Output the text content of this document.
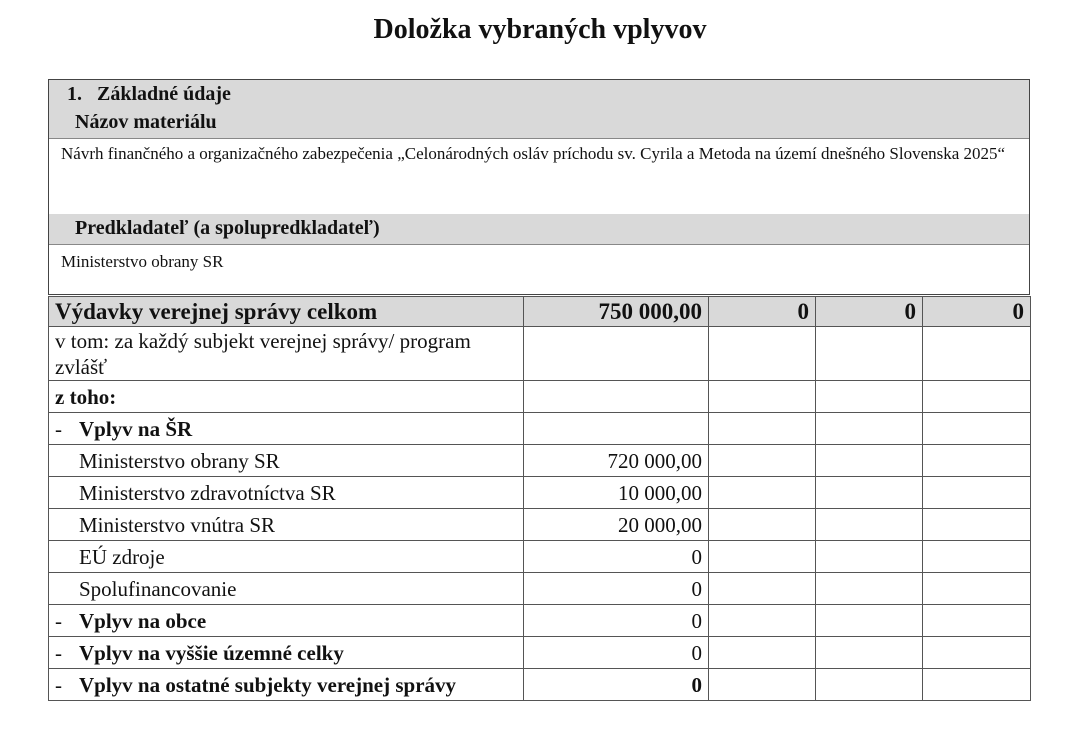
Doložka vybraných vplyvov
1. Základné údaje
Názov materiálu
Návrh finančného a organizačného zabezpečenia „Celonárodných osláv príchodu sv. Cyrila a Metoda na území dnešného Slovenska 2025“
Predkladateľ (a spolupredkladateľ)
Ministerstvo obrany SR
Výdavky verejnej správy celkom	750 000,00	0	0	0
v tom: za každý subjekt verejnej správy/ program zvlášť				
z toho:				
- Vplyv na ŠR				
Ministerstvo obrany SR	720 000,00			
Ministerstvo zdravotníctva SR	10 000,00			
Ministerstvo vnútra SR	20 000,00			
EÚ zdroje	0			
Spolufinancovanie	0			
- Vplyv na obce	0			
- Vplyv na vyššie územné celky	0			
- Vplyv na ostatné subjekty verejnej správy	0			
